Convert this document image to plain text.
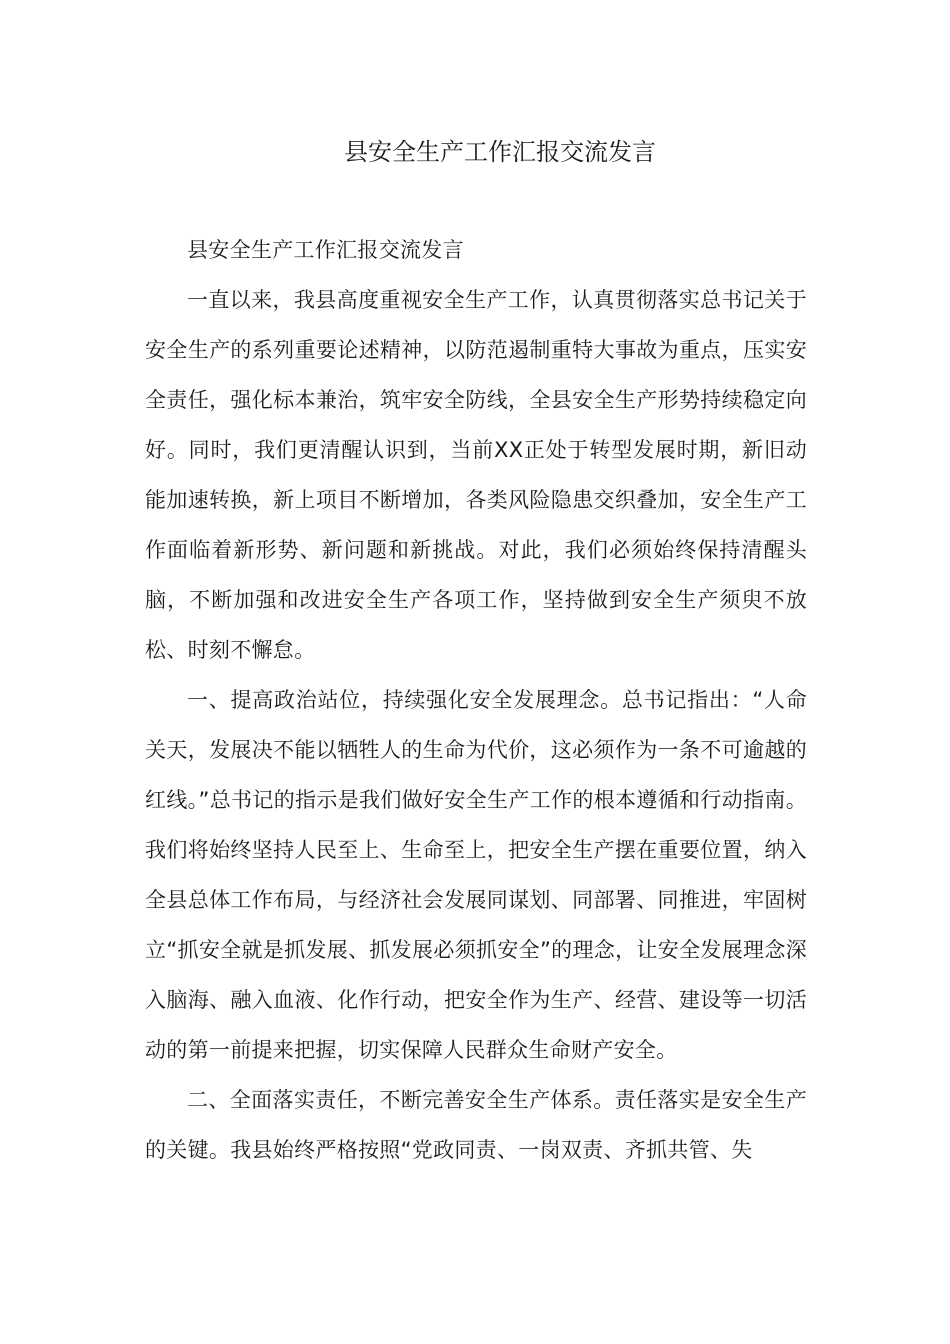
县安全生产工作汇报交流发言

县安全生产工作汇报交流发言

一直以来，我县高度重视安全生产工作，认真贯彻落实总书记关于安全生产的系列重要论述精神，以防范遏制重特大事故为重点，压实安全责任，强化标本兼治，筑牢安全防线，全县安全生产形势持续稳定向好。同时，我们更清醒认识到，当前XX正处于转型发展时期，新旧动能加速转换，新上项目不断增加，各类风险隐患交织叠加，安全生产工作面临着新形势、新问题和新挑战。对此，我们必须始终保持清醒头脑，不断加强和改进安全生产各项工作，坚持做到安全生产须臾不放松、时刻不懈怠。

一、提高政治站位，持续强化安全发展理念。总书记指出：“人命关天，发展决不能以牺牲人的生命为代价，这必须作为一条不可逾越的红线。”总书记的指示是我们做好安全生产工作的根本遵循和行动指南。我们将始终坚持人民至上、生命至上，把安全生产摆在重要位置，纳入全县总体工作布局，与经济社会发展同谋划、同部署、同推进，牢固树立“抓安全就是抓发展、抓发展必须抓安全”的理念，让安全发展理念深入脑海、融入血液、化作行动，把安全作为生产、经营、建设等一切活动的第一前提来把握，切实保障人民群众生命财产安全。

二、全面落实责任，不断完善安全生产体系。责任落实是安全生产的关键。我县始终严格按照“党政同责、一岗双责、齐抓共管、失
